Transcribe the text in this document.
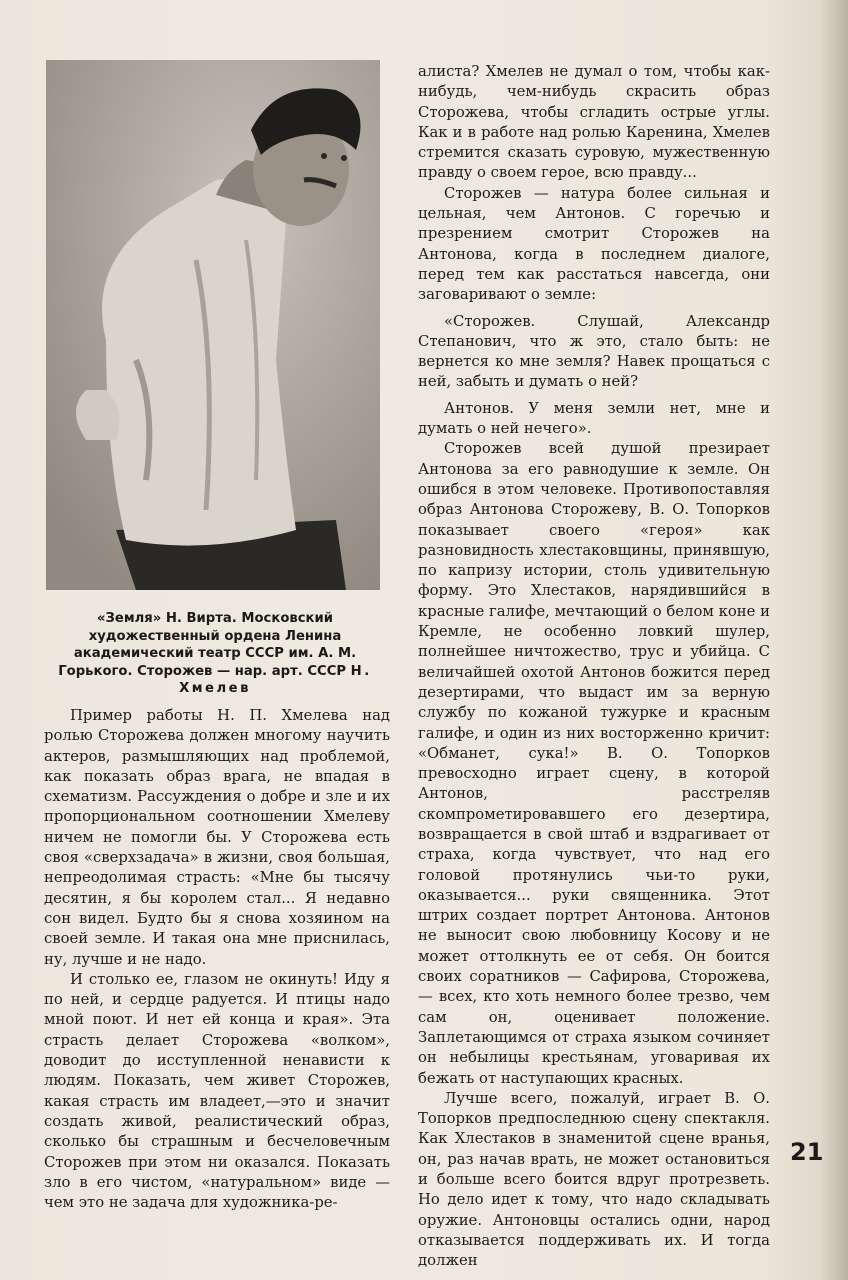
«Земля» Н. Вирта. Московский художественный ордена Ленина академический театр СССР им. А. М. Горького. Сторожев — нар. арт. СССР Н. Хмелев

Пример работы Н. П. Хмелева над ролью Сторожева должен многому научить актеров, размышляющих над проблемой, как показать образ врага, не впадая в схематизм. Рассуждения о добре и зле и их пропорциональном соотношении Хмелеву ничем не помогли бы. У Сторожева есть своя «сверхзадача» в жизни, своя большая, непреодолимая страсть: «Мне бы тысячу десятин, я бы королем стал... Я недавно сон видел. Будто бы я снова хозяином на своей земле. И такая она мне приснилась, ну, лучше и не надо.

И столько ее, глазом не окинуть! Иду я по ней, и сердце радуется. И птицы надо мной поют. И нет ей конца и края». Эта страсть делает Сторожева «волком», доводит до исступленной ненависти к людям. Показать, чем живет Сторожев, какая страсть им владеет,—это и значит создать живой, реалистический образ, сколько бы страшным и бесчеловечным Сторожев при этом ни оказался. Показать зло в его чистом, «натуральном» виде — чем это не задача для художника-ре-

алиста? Хмелев не думал о том, чтобы как-нибудь, чем-нибудь скрасить образ Сторожева, чтобы сгладить острые углы. Как и в работе над ролью Каренина, Хмелев стремится сказать суровую, мужественную правду о своем герое, всю правду...

Сторожев — натура более сильная и цельная, чем Антонов. С горечью и презрением смотрит Сторожев на Антонова, когда в последнем диалоге, перед тем как расстаться навсегда, они заговаривают о земле:

«Сторожев. Слушай, Александр Степанович, что ж это, стало быть: не вернется ко мне земля? Навек прощаться с ней, забыть и думать о ней?

Антонов. У меня земли нет, мне и думать о ней нечего».

Сторожев всей душой презирает Антонова за его равнодушие к земле. Он ошибся в этом человеке. Противопоставляя образ Антонова Сторожеву, В. О. Топорков показывает своего «героя» как разновидность хлестаковщины, принявшую, по капризу истории, столь удивительную форму. Это Хлестаков, нарядившийся в красные галифе, мечтающий о белом коне и Кремле, не особенно ловкий шулер, полнейшее ничтожество, трус и убийца. С величайшей охотой Антонов божится перед дезертирами, что выдаст им за верную службу по кожаной тужурке и красным галифе, и один из них восторженно кричит: «Обманет, сука!» В. О. Топорков превосходно играет сцену, в которой Антонов, расстреляв скомпрометировавшего его дезертира, возвращается в свой штаб и вздрагивает от страха, когда чувствует, что над его головой протянулись чьи-то руки, оказывается... руки священника. Этот штрих создает портрет Антонова. Антонов не выносит свою любовницу Косову и не может оттолкнуть ее от себя. Он боится своих соратников — Сафирова, Сторожева, — всех, кто хоть немного более трезво, чем сам он, оценивает положение. Заплетающимся от страха языком сочиняет он небылицы крестьянам, уговаривая их бежать от наступающих красных.

Лучше всего, пожалуй, играет В. О. Топорков предпоследнюю сцену спектакля. Как Хлестаков в знаменитой сцене вранья, он, раз начав врать, не может остановиться и больше всего боится вдруг протрезветь. Но дело идет к тому, что надо складывать оружие. Антоновцы остались одни, народ отказывается поддерживать их. И тогда должен

21
